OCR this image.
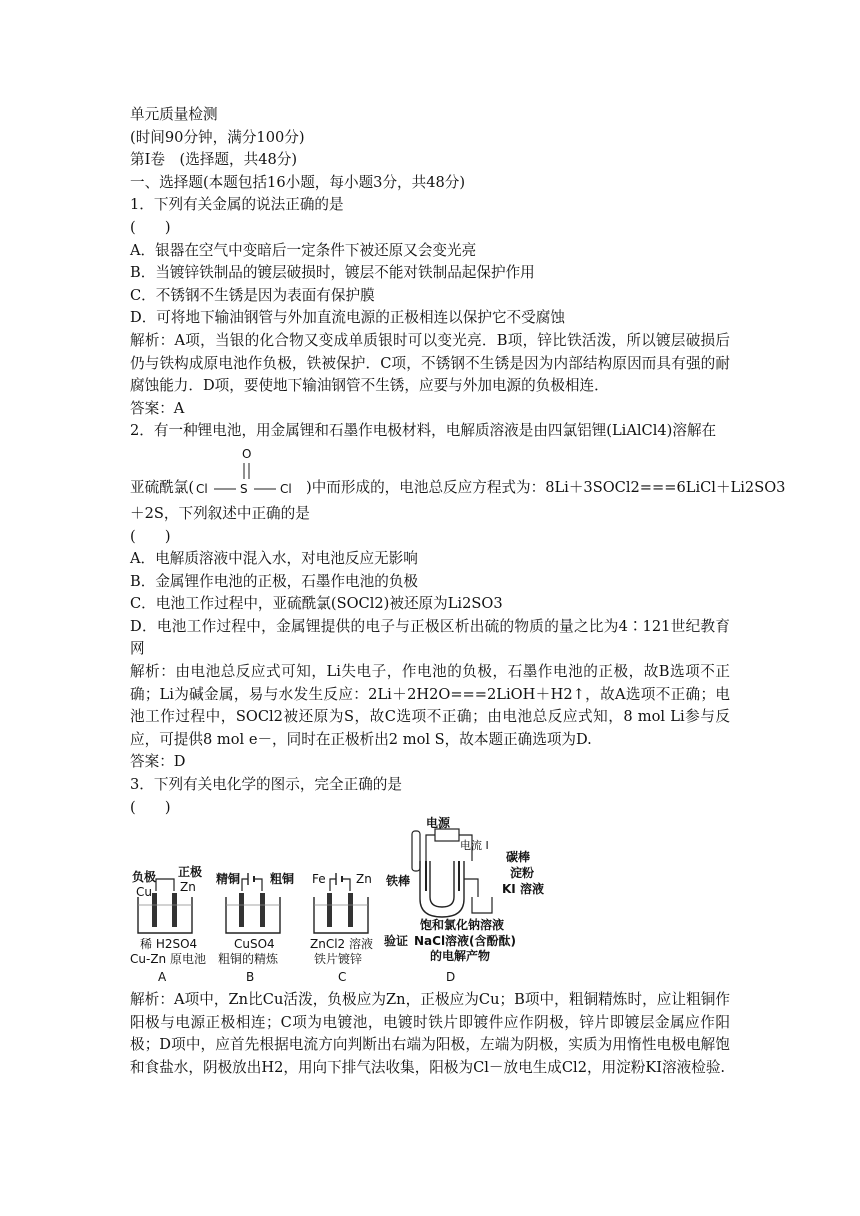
单元质量检测
(时间90分钟，满分100分)
第Ⅰ卷　(选择题，共48分)
一、选择题(本题包括16小题，每小题3分，共48分)
1．下列有关金属的说法正确的是
(　　)
A．银器在空气中变暗后一定条件下被还原又会变光亮
B．当镀锌铁制品的镀层破损时，镀层不能对铁制品起保护作用
C．不锈钢不生锈是因为表面有保护膜
D．可将地下输油钢管与外加直流电源的正极相连以保护它不受腐蚀
解析：A项，当银的化合物又变成单质银时可以变光亮．B项，锌比铁活泼，所以镀层破损后仍与铁构成原电池作负极，铁被保护．C项，不锈钢不生锈是因为内部结构原因而具有强的耐腐蚀能力．D项，要使地下输油钢管不生锈，应要与外加电源的负极相连．
答案：A
2．有一种锂电池，用金属锂和石墨作电极材料，电解质溶液是由四氯铝锂(LiAlCl4)溶解在
亚硫酰氯(
O
Cl	S	Cl )中而形成的，电池总反应方程式为：8Li＋3SOCl2===6LiCl＋Li2SO3
＋2S，下列叙述中正确的是
(　　)
A．电解质溶液中混入水，对电池反应无影响
B．金属锂作电池的正极，石墨作电池的负极
C．电池工作过程中，亚硫酰氯(SOCl2)被还原为Li2SO3
D．电池工作过程中，金属锂提供的电子与正极区析出硫的物质的量之比为4∶121世纪教育网
解析：由电池总反应式可知，Li失电子，作电池的负极，石墨作电池的正极，故B选项不正确；Li为碱金属，易与水发生反应：2Li＋2H2O===2LiOH＋H2↑，故A选项不正确；电池工作过程中，SOCl2被还原为S，故C选项不正确；由电池总反应式知，8 mol Li参与反应，可提供8 mol e－，同时在正极析出2 mol S，故本题正确选项为D.
答案：D
3．下列有关电化学的图示，完全正确的是
(　　)
负极 正极
Cu Zn
稀 H2SO4
Cu-Zn 原电池
A
精铜 粗铜
CuSO4
粗铜的精炼
B
Fe	Zn
ZnCl2 溶液
铁片镀锌
C
电源
电流 I
碳棒
铁棒
淀粉
KI 溶液
饱和氯化钠溶液
验证 NaCl溶液(含酚酞)
的电解产物
D
解析：A项中，Zn比Cu活泼，负极应为Zn，正极应为Cu；B项中，粗铜精炼时，应让粗铜作阳极与电源正极相连；C项为电镀池，电镀时铁片即镀件应作阴极，锌片即镀层金属应作阳极；D项中，应首先根据电流方向判断出右端为阳极，左端为阴极，实质为用惰性电极电解饱和食盐水，阴极放出H2，用向下排气法收集，阳极为Cl－放电生成Cl2，用淀粉KI溶液检验.
